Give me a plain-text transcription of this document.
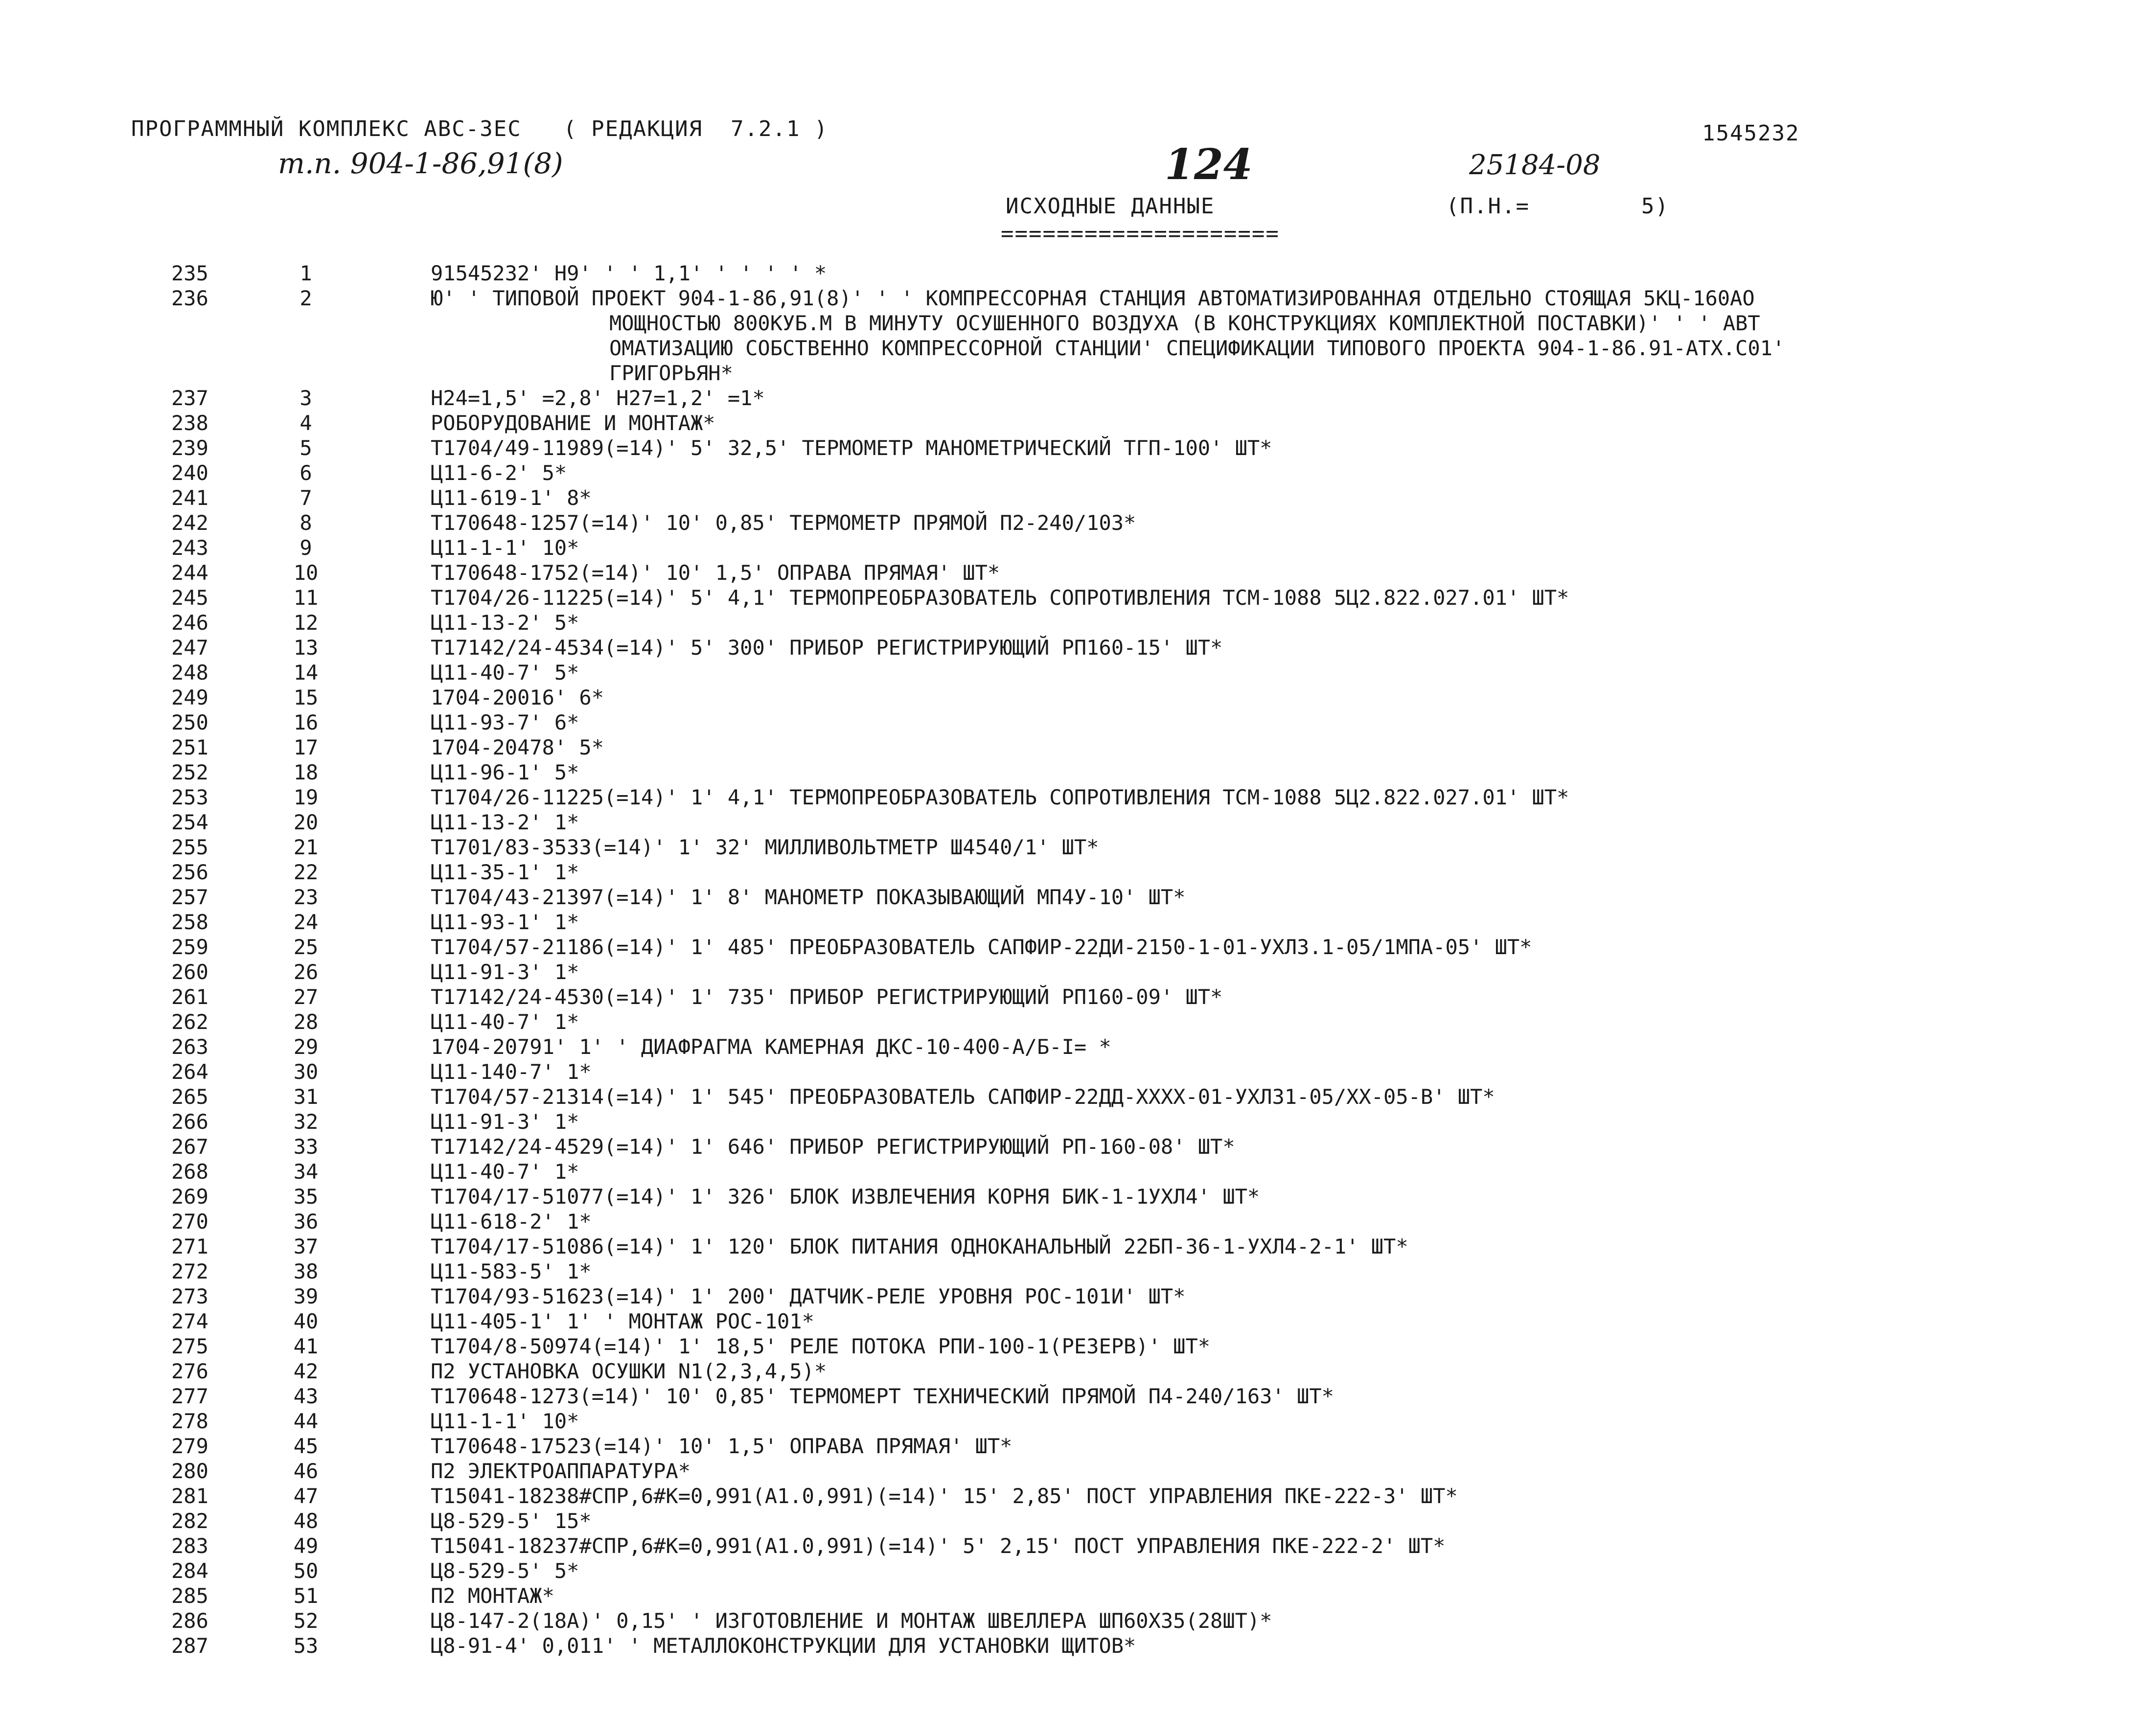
ПРОГРАММНЫЙ КОМПЛЕКС АВС-3ЕС   ( РЕДАКЦИЯ  7.2.1 )	1545232
т.п. 904-1-86,91(8)	124	25184-08
ИСХОДНЫЕ ДАННЫЕ	(П.Н.=        5)
====================
235	1	91545232' Н9' ' ' 1,1' ' ' ' ' *
236	2	Ю' ' ТИПОВОЙ ПРОЕКТ 904-1-86,91(8)' ' ' КОМПРЕССОРНАЯ СТАНЦИЯ АВТОМАТИЗИРОВАННАЯ ОТДЕЛЬНО СТОЯЩАЯ 5КЦ-160АО
МОЩНОСТЬЮ 800КУБ.М В МИНУТУ ОСУШЕННОГО ВОЗДУХА (В КОНСТРУКЦИЯХ КОМПЛЕКТНОЙ ПОСТАВКИ)' ' ' АВТ
ОМАТИЗАЦИЮ СОБСТВЕННО КОМПРЕССОРНОЙ СТАНЦИИ' СПЕЦИФИКАЦИИ ТИПОВОГО ПРОЕКТА 904-1-86.91-АТХ.С01'
ГРИГОРЬЯН*
237	3	Н24=1,5' =2,8' Н27=1,2' =1*
238	4	РОБОРУДОВАНИЕ И МОНТАЖ*
239	5	Т1704/49-11989(=14)' 5' 32,5' ТЕРМОМЕТР МАНОМЕТРИЧЕСКИЙ ТГП-100' ШТ*
240	6	Ц11-6-2' 5*
241	7	Ц11-619-1' 8*
242	8	Т170648-1257(=14)' 10' 0,85' ТЕРМОМЕТР ПРЯМОЙ П2-240/103*
243	9	Ц11-1-1' 10*
244	10	Т170648-1752(=14)' 10' 1,5' ОПРАВА ПРЯМАЯ' ШТ*
245	11	Т1704/26-11225(=14)' 5' 4,1' ТЕРМОПРЕОБРАЗОВАТЕЛЬ СОПРОТИВЛЕНИЯ ТСМ-1088 5Ц2.822.027.01' ШТ*
246	12	Ц11-13-2' 5*
247	13	Т17142/24-4534(=14)' 5' 300' ПРИБОР РЕГИСТРИРУЮЩИЙ РП160-15' ШТ*
248	14	Ц11-40-7' 5*
249	15	1704-20016' 6*
250	16	Ц11-93-7' 6*
251	17	1704-20478' 5*
252	18	Ц11-96-1' 5*
253	19	Т1704/26-11225(=14)' 1' 4,1' ТЕРМОПРЕОБРАЗОВАТЕЛЬ СОПРОТИВЛЕНИЯ ТСМ-1088 5Ц2.822.027.01' ШТ*
254	20	Ц11-13-2' 1*
255	21	Т1701/83-3533(=14)' 1' 32' МИЛЛИВОЛЬТМЕТР Ш4540/1' ШТ*
256	22	Ц11-35-1' 1*
257	23	Т1704/43-21397(=14)' 1' 8' МАНОМЕТР ПОКАЗЫВАЮЩИЙ МП4У-10' ШТ*
258	24	Ц11-93-1' 1*
259	25	Т1704/57-21186(=14)' 1' 485' ПРЕОБРАЗОВАТЕЛЬ САПФИР-22ДИ-2150-1-01-УХЛ3.1-05/1МПА-05' ШТ*
260	26	Ц11-91-3' 1*
261	27	Т17142/24-4530(=14)' 1' 735' ПРИБОР РЕГИСТРИРУЮЩИЙ РП160-09' ШТ*
262	28	Ц11-40-7' 1*
263	29	1704-20791' 1' ' ДИАФРАГМА КАМЕРНАЯ ДКС-10-400-А/Б-I= *
264	30	Ц11-140-7' 1*
265	31	Т1704/57-21314(=14)' 1' 545' ПРЕОБРАЗОВАТЕЛЬ САПФИР-22ДД-ХХХХ-01-УХЛ31-05/ХХ-05-В' ШТ*
266	32	Ц11-91-3' 1*
267	33	Т17142/24-4529(=14)' 1' 646' ПРИБОР РЕГИСТРИРУЮЩИЙ РП-160-08' ШТ*
268	34	Ц11-40-7' 1*
269	35	Т1704/17-51077(=14)' 1' 326' БЛОК ИЗВЛЕЧЕНИЯ КОРНЯ БИК-1-1УХЛ4' ШТ*
270	36	Ц11-618-2' 1*
271	37	Т1704/17-51086(=14)' 1' 120' БЛОК ПИТАНИЯ ОДНОКАНАЛЬНЫЙ 22БП-36-1-УХЛ4-2-1' ШТ*
272	38	Ц11-583-5' 1*
273	39	Т1704/93-51623(=14)' 1' 200' ДАТЧИК-РЕЛЕ УРОВНЯ РОС-101И' ШТ*
274	40	Ц11-405-1' 1' ' МОНТАЖ РОС-101*
275	41	Т1704/8-50974(=14)' 1' 18,5' РЕЛЕ ПОТОКА РПИ-100-1(РЕЗЕРВ)' ШТ*
276	42	П2 УСТАНОВКА ОСУШКИ N1(2,3,4,5)*
277	43	Т170648-1273(=14)' 10' 0,85' ТЕРМОМЕРТ ТЕХНИЧЕСКИЙ ПРЯМОЙ П4-240/163' ШТ*
278	44	Ц11-1-1' 10*
279	45	Т170648-17523(=14)' 10' 1,5' ОПРАВА ПРЯМАЯ' ШТ*
280	46	П2 ЭЛЕКТРОАППАРАТУРА*
281	47	Т15041-18238#СПР,6#К=0,991(А1.0,991)(=14)' 15' 2,85' ПОСТ УПРАВЛЕНИЯ ПКЕ-222-3' ШТ*
282	48	Ц8-529-5' 15*
283	49	Т15041-18237#СПР,6#К=0,991(А1.0,991)(=14)' 5' 2,15' ПОСТ УПРАВЛЕНИЯ ПКЕ-222-2' ШТ*
284	50	Ц8-529-5' 5*
285	51	П2 МОНТАЖ*
286	52	Ц8-147-2(18А)' 0,15' ' ИЗГОТОВЛЕНИЕ И МОНТАЖ ШВЕЛЛЕРА ШП60Х35(28ШТ)*
287	53	Ц8-91-4' 0,011' ' МЕТАЛЛОКОНСТРУКЦИИ ДЛЯ УСТАНОВКИ ЩИТОВ*
